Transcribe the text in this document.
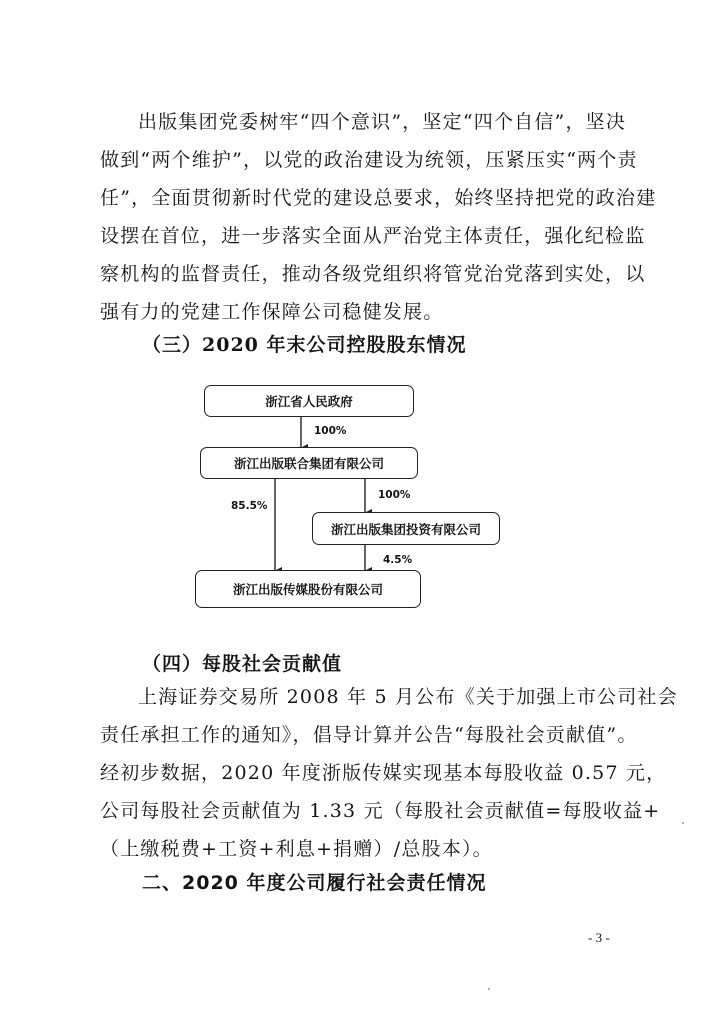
出版集团党委树牢“四个意识”，坚定“四个自信”，坚决
做到“两个维护”，以党的政治建设为统领，压紧压实“两个责
任”，全面贯彻新时代党的建设总要求，始终坚持把党的政治建
设摆在首位，进一步落实全面从严治党主体责任，强化纪检监
察机构的监督责任，推动各级党组织将管党治党落到实处，以
强有力的党建工作保障公司稳健发展。
（三）2020 年末公司控股股东情况
浙江省人民政府
100%
浙江出版联合集团有限公司
100%
85.5%
浙江出版集团投资有限公司
4.5%
浙江出版传媒股份有限公司
（四）每股社会贡献值
上海证券交易所 2008 年 5 月公布《关于加强上市公司社会
责任承担工作的通知》，倡导计算并公告“每股社会贡献值”。
经初步数据，2020 年度浙版传媒实现基本每股收益 0.57 元，
公司每股社会贡献值为 1.33 元（每股社会贡献值=每股收益+
（上缴税费+工资+利息+捐赠）/总股本）。
二、2020 年度公司履行社会责任情况
- 3 -
